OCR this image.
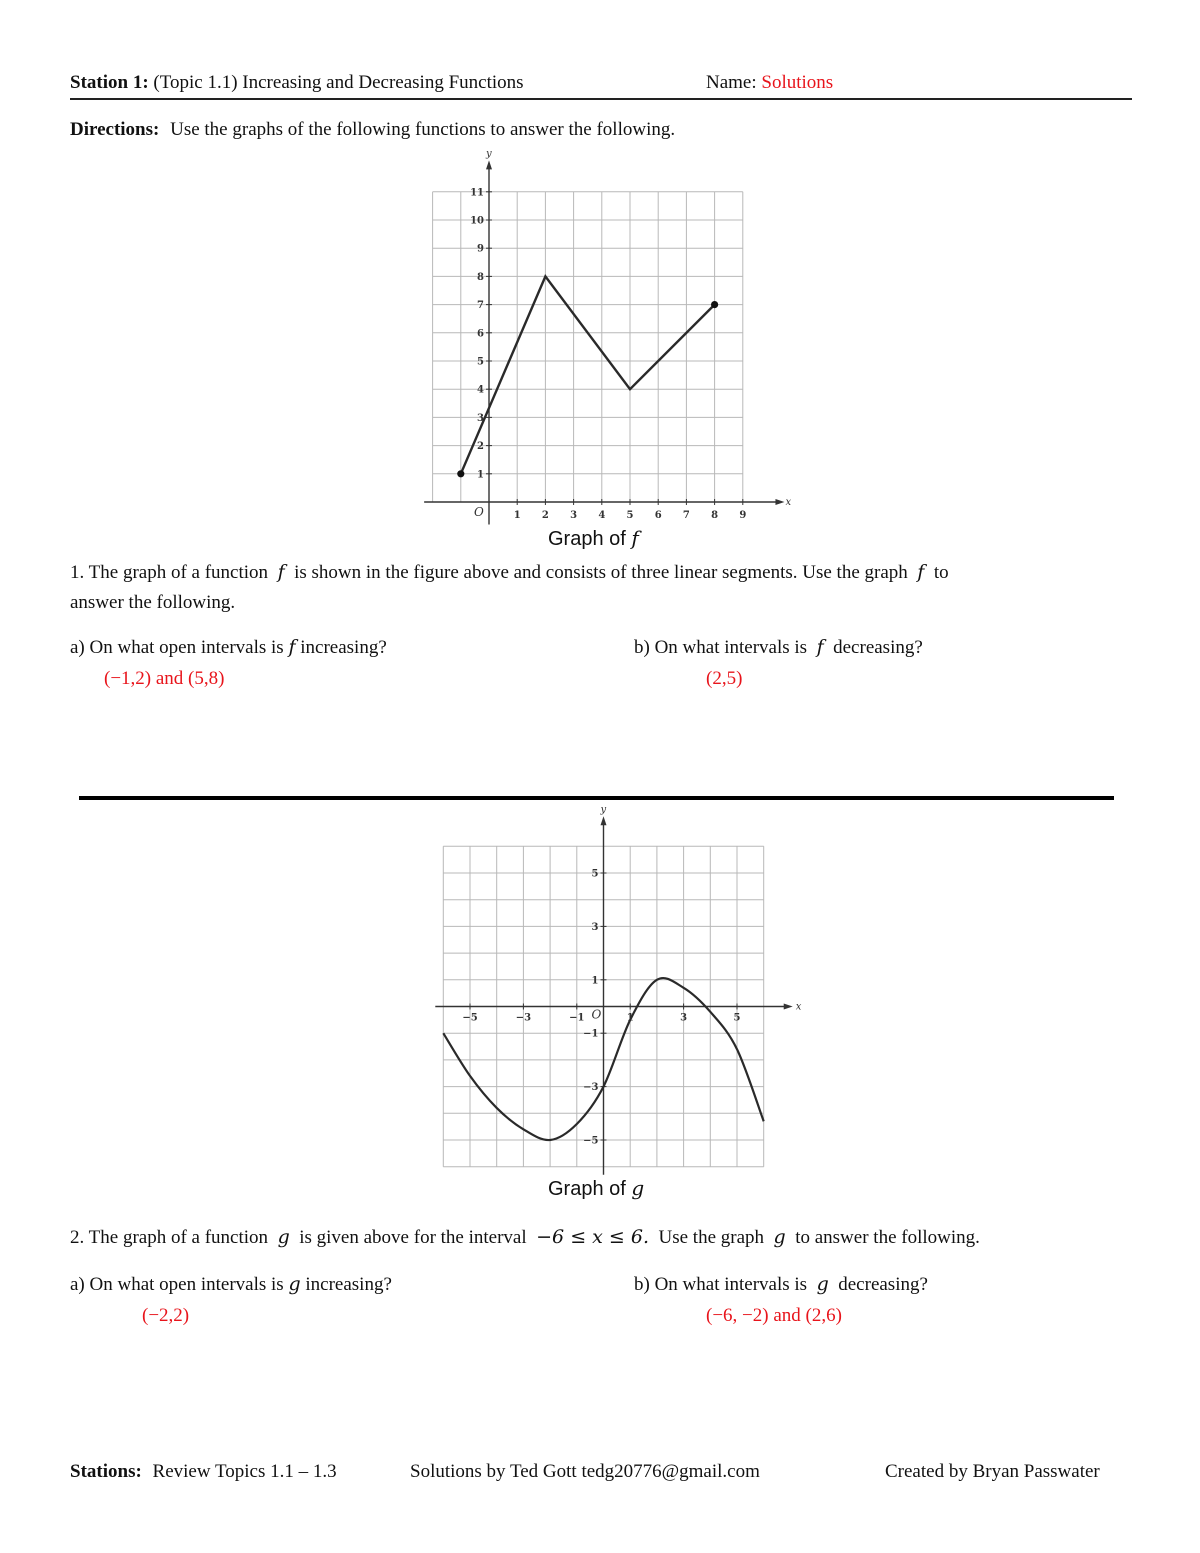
Station 1: (Topic 1.1) Increasing and Decreasing Functions	Name: Solutions
Directions: Use the graphs of the following functions to answer the following.
x
y
O	1 2 3 4 5 6 7 8 9
1
2
3
4
5
6
7
8
9
10
11
Graph of f
1. The graph of a function f is shown in the figure above and consists of three linear segments. Use the graph f to
answer the following.
a) On what open intervals is f increasing?
(−1,2) and (5,8)
b) On what intervals is f decreasing?
(2,5)
x
y
O
−5	−3	−1	1	3	5
5
3
1
−1
−3
−5
Graph of g
2. The graph of a function g is given above for the interval −6 ≤ x ≤ 6. Use the graph g to answer the following.
a) On what open intervals is g increasing?
(−2,2)
b) On what intervals is g decreasing?
(−6, −2) and (2,6)
Stations: Review Topics 1.1 – 1.3	Solutions by Ted Gott tedg20776@gmail.com	Created by Bryan Passwater
